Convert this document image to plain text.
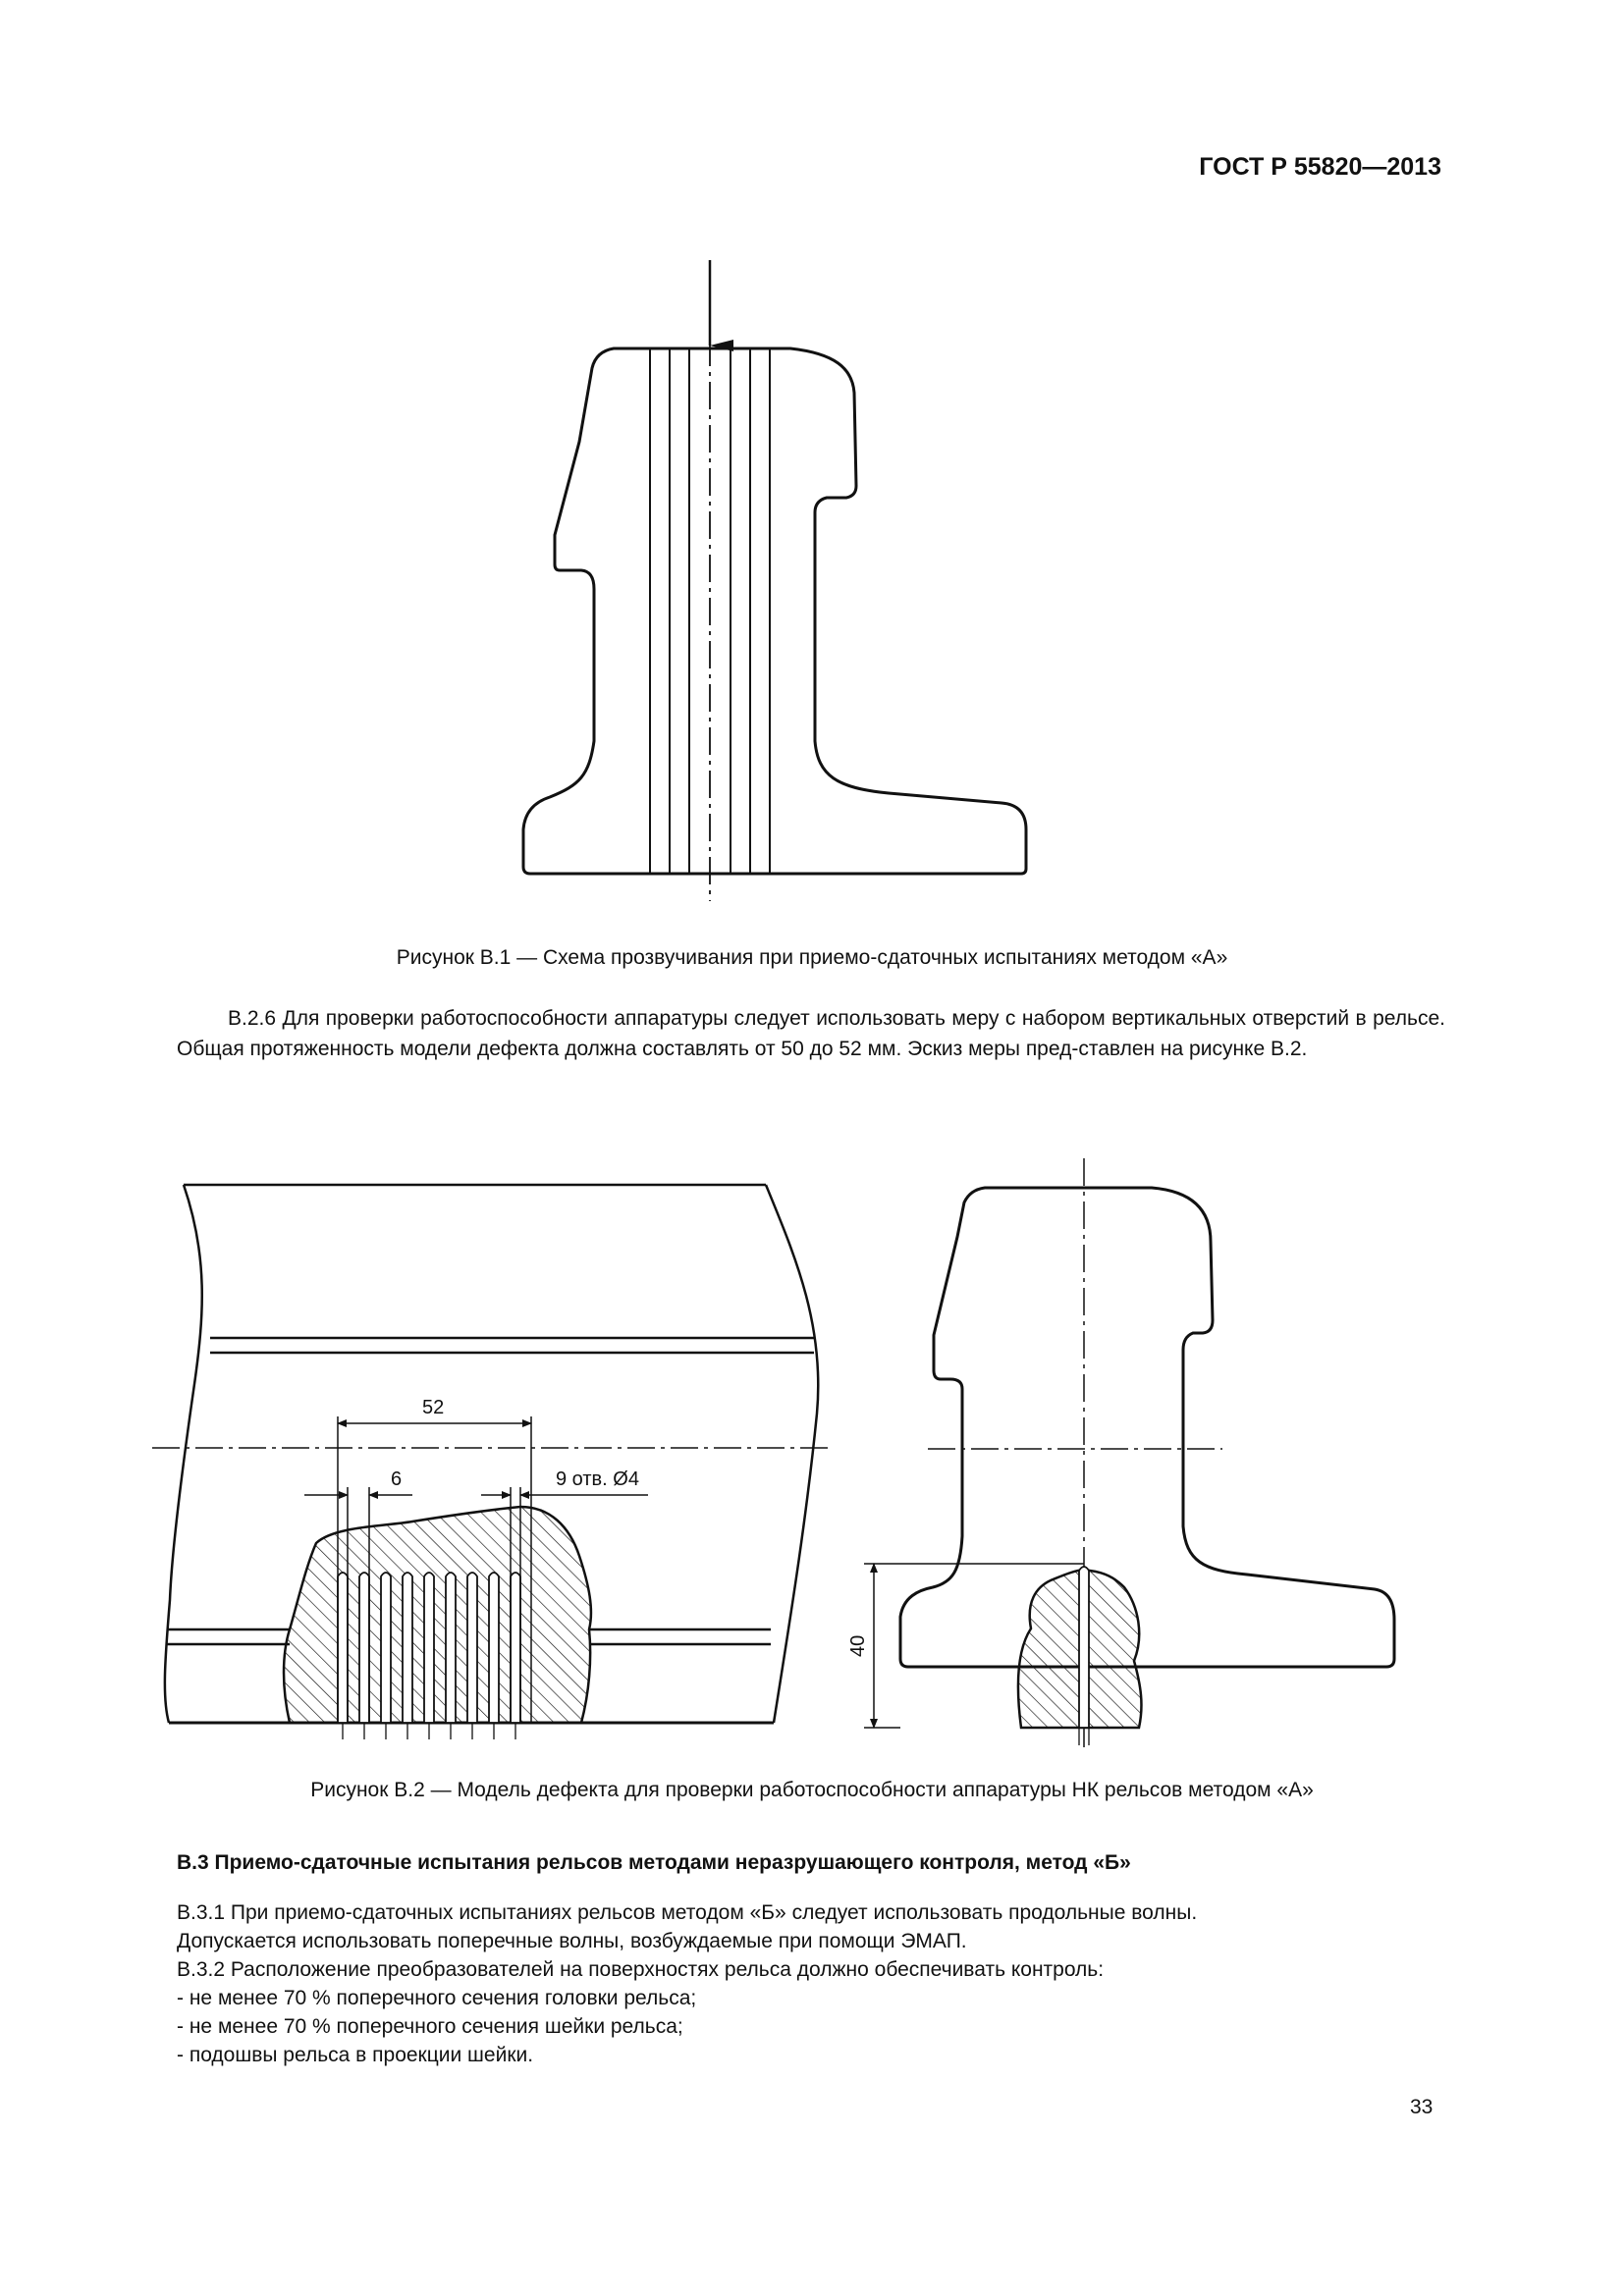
ГОСТ Р 55820—2013
Рисунок В.1 — Схема прозвучивания при приемо-сдаточных испытаниях методом «А»
В.2.6 Для проверки работоспособности аппаратуры следует использовать меру с набором вертикальных отверстий в рельсе. Общая протяженность модели дефекта должна составлять от 50 до 52 мм. Эскиз меры пред-ставлен на рисунке В.2.
52
6	9 отв. Ø4
40
Рисунок В.2 — Модель дефекта для проверки работоспособности аппаратуры НК рельсов методом «А»
В.3 Приемо-сдаточные испытания рельсов методами неразрушающего контроля, метод «Б»
В.3.1 При приемо-сдаточных испытаниях рельсов методом «Б» следует использовать продольные волны.
Допускается использовать поперечные волны, возбуждаемые при помощи ЭМАП.
В.3.2 Расположение преобразователей на поверхностях рельса должно обеспечивать контроль:
- не менее 70 % поперечного сечения головки рельса;
- не менее 70 % поперечного сечения шейки рельса;
- подошвы рельса в проекции шейки.
33
